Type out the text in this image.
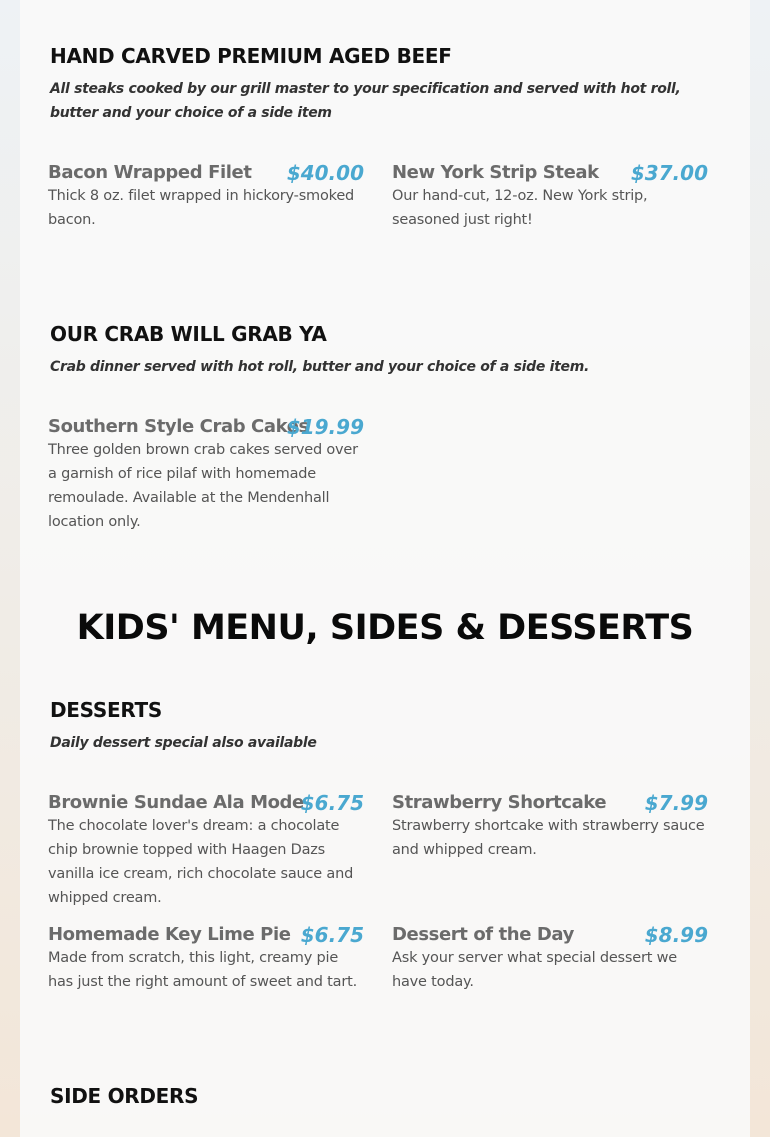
HAND CARVED PREMIUM AGED BEEF

All steaks cooked by our grill master to your specification and served with hot roll, butter and your choice of a side item

Bacon Wrapped Filet $40.00

Thick 8 oz. filet wrapped in hickory-smoked bacon.

New York Strip Steak $37.00

Our hand-cut, 12-oz. New York strip, seasoned just right!

OUR CRAB WILL GRAB YA

Crab dinner served with hot roll, butter and your choice of a side item.

Southern Style Crab Cakes
$19.99

Three golden brown crab cakes served over a garnish of rice pilaf with homemade remoulade. Available at the Mendenhall location only.

KIDS' MENU, SIDES & DESSERTS
DESSERTS

Daily dessert special also available

Brownie Sundae Ala Mode
$6.75

The chocolate lover's dream: a chocolate chip brownie topped with Haagen Dazs vanilla ice cream, rich chocolate sauce and whipped cream.

Strawberry Shortcake $7.99

Strawberry shortcake with strawberry sauce and whipped cream.

Homemade Key Lime Pie $6.75

Made from scratch, this light, creamy pie has just the right amount of sweet and tart.

Dessert of the Day	$8.99

Ask your server what special dessert we have today.

SIDE ORDERS
